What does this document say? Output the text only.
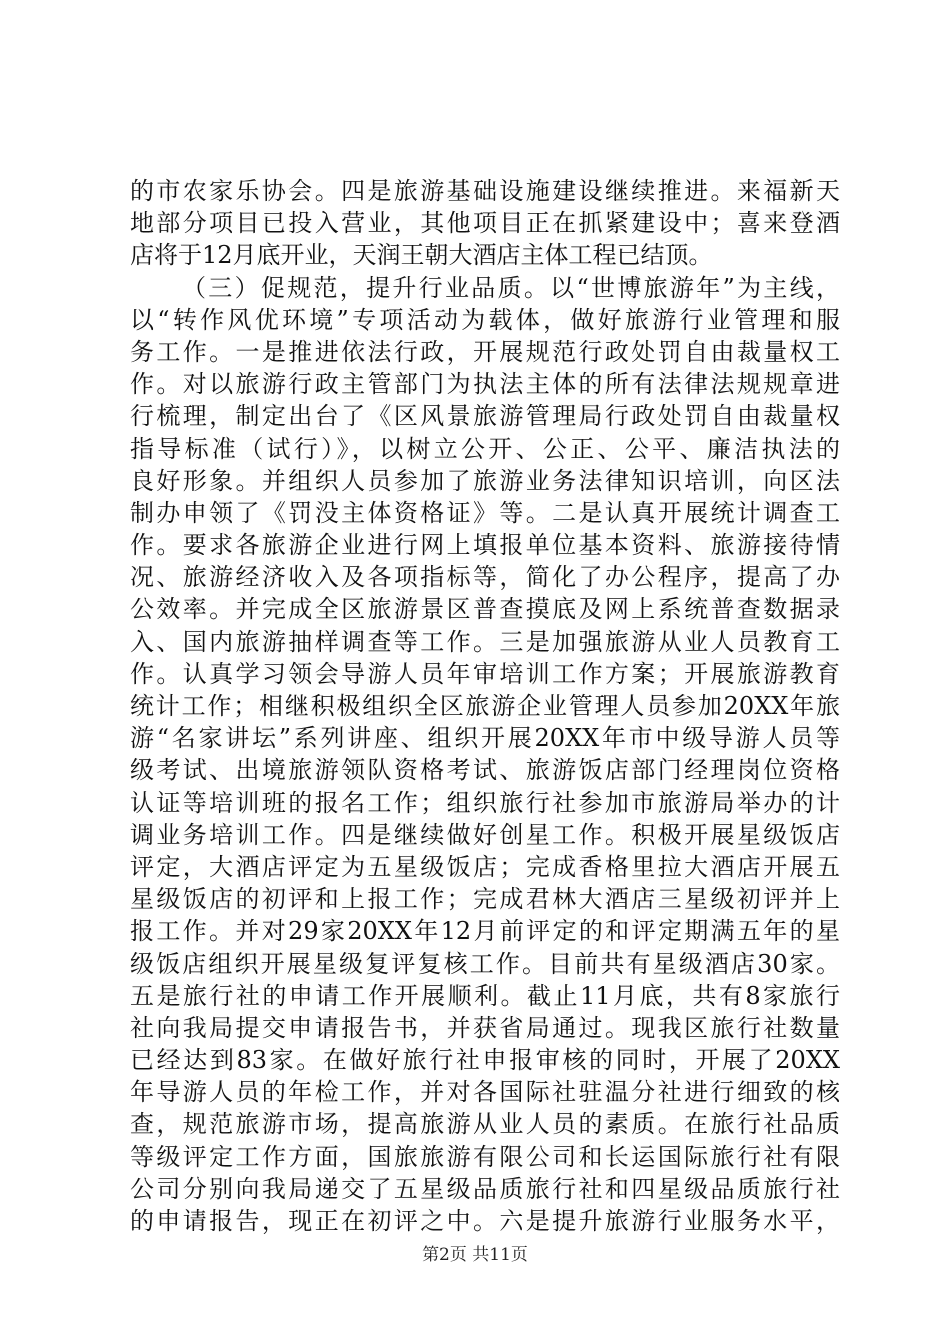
的市农家乐协会。四是旅游基础设施建设继续推进。来福新天
地部分项目已投入营业，其他项目正在抓紧建设中；喜来登酒
店将于12月底开业，天润王朝大酒店主体工程已结顶。
（三）促规范，提升行业品质。以“世博旅游年”为主线，
以“转作风优环境”专项活动为载体，做好旅游行业管理和服
务工作。一是推进依法行政，开展规范行政处罚自由裁量权工
作。对以旅游行政主管部门为执法主体的所有法律法规规章进
行梳理，制定出台了《区风景旅游管理局行政处罚自由裁量权
指导标准（试行）》，以树立公开、公正、公平、廉洁执法的
良好形象。并组织人员参加了旅游业务法律知识培训，向区法
制办申领了《罚没主体资格证》等。二是认真开展统计调查工
作。要求各旅游企业进行网上填报单位基本资料、旅游接待情
况、旅游经济收入及各项指标等，简化了办公程序，提高了办
公效率。并完成全区旅游景区普查摸底及网上系统普查数据录
入、国内旅游抽样调查等工作。三是加强旅游从业人员教育工
作。认真学习领会导游人员年审培训工作方案；开展旅游教育
统计工作；相继积极组织全区旅游企业管理人员参加20XX年旅
游“名家讲坛”系列讲座、组织开展20XX年市中级导游人员等
级考试、出境旅游领队资格考试、旅游饭店部门经理岗位资格
认证等培训班的报名工作；组织旅行社参加市旅游局举办的计
调业务培训工作。四是继续做好创星工作。积极开展星级饭店
评定，大酒店评定为五星级饭店；完成香格里拉大酒店开展五
星级饭店的初评和上报工作；完成君林大酒店三星级初评并上
报工作。并对29家20XX年12月前评定的和评定期满五年的星
级饭店组织开展星级复评复核工作。目前共有星级酒店30家。
五是旅行社的申请工作开展顺利。截止11月底，共有8家旅行
社向我局提交申请报告书，并获省局通过。现我区旅行社数量
已经达到83家。在做好旅行社申报审核的同时，开展了20XX
年导游人员的年检工作，并对各国际社驻温分社进行细致的核
查，规范旅游市场，提高旅游从业人员的素质。在旅行社品质
等级评定工作方面，国旅旅游有限公司和长运国际旅行社有限
公司分别向我局递交了五星级品质旅行社和四星级品质旅行社
的申请报告，现正在初评之中。六是提升旅游行业服务水平，
第2页 共11页
